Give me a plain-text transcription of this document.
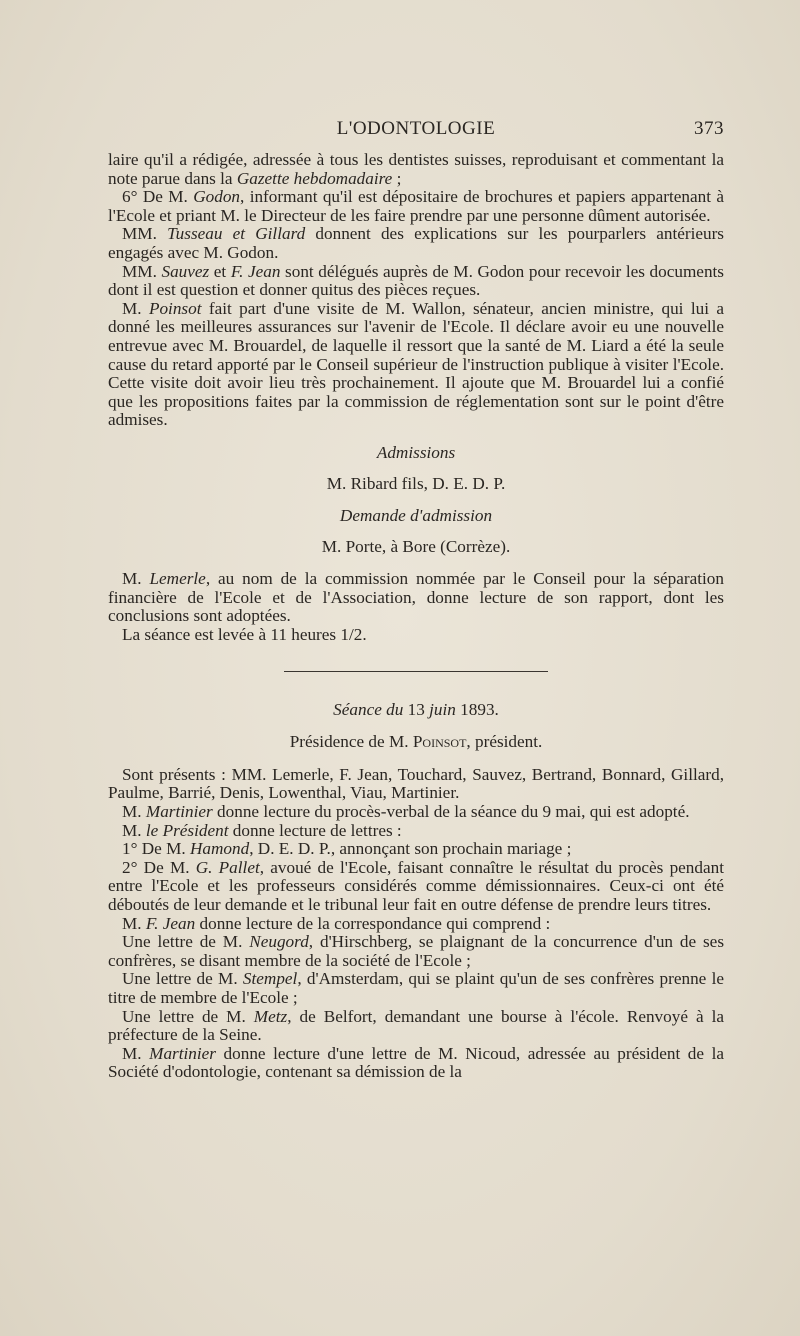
L'ODONTOLOGIE	373

laire qu'il a rédigée, adressée à tous les dentistes suisses, reproduisant et commentant la note parue dans la Gazette hebdomadaire ;

6° De M. Godon, informant qu'il est dépositaire de brochures et papiers appartenant à l'Ecole et priant M. le Directeur de les faire prendre par une personne dûment autorisée.

MM. Tusseau et Gillard donnent des explications sur les pourparlers antérieurs engagés avec M. Godon.

MM. Sauvez et F. Jean sont délégués auprès de M. Godon pour recevoir les documents dont il est question et donner quitus des pièces reçues.

M. Poinsot fait part d'une visite de M. Wallon, sénateur, ancien ministre, qui lui a donné les meilleures assurances sur l'avenir de l'Ecole. Il déclare avoir eu une nouvelle entrevue avec M. Brouardel, de laquelle il ressort que la santé de M. Liard a été la seule cause du retard apporté par le Conseil supérieur de l'instruction publique à visiter l'Ecole. Cette visite doit avoir lieu très prochainement. Il ajoute que M. Brouardel lui a confié que les propositions faites par la commission de réglementation sont sur le point d'être admises.

Admissions

M. Ribard fils, D. E. D. P.

Demande d'admission

M. Porte, à Bore (Corrèze).

M. Lemerle, au nom de la commission nommée par le Conseil pour la séparation financière de l'Ecole et de l'Association, donne lecture de son rapport, dont les conclusions sont adoptées.

La séance est levée à 11 heures 1/2.

Séance du 13 juin 1893.

Présidence de M. Poinsot, président.

Sont présents : MM. Lemerle, F. Jean, Touchard, Sauvez, Bertrand, Bonnard, Gillard, Paulme, Barrié, Denis, Lowenthal, Viau, Martinier.

M. Martinier donne lecture du procès-verbal de la séance du 9 mai, qui est adopté.

M. le Président donne lecture de lettres :

1° De M. Hamond, D. E. D. P., annonçant son prochain mariage ;

2° De M. G. Pallet, avoué de l'Ecole, faisant connaître le résultat du procès pendant entre l'Ecole et les professeurs considérés comme démissionnaires. Ceux-ci ont été déboutés de leur demande et le tribunal leur fait en outre défense de prendre leurs titres.

M. F. Jean donne lecture de la correspondance qui comprend :

Une lettre de M. Neugord, d'Hirschberg, se plaignant de la concurrence d'un de ses confrères, se disant membre de la société de l'Ecole ;

Une lettre de M. Stempel, d'Amsterdam, qui se plaint qu'un de ses confrères prenne le titre de membre de l'Ecole ;

Une lettre de M. Metz, de Belfort, demandant une bourse à l'école. Renvoyé à la préfecture de la Seine.

M. Martinier donne lecture d'une lettre de M. Nicoud, adressée au président de la Société d'odontologie, contenant sa démission de la
